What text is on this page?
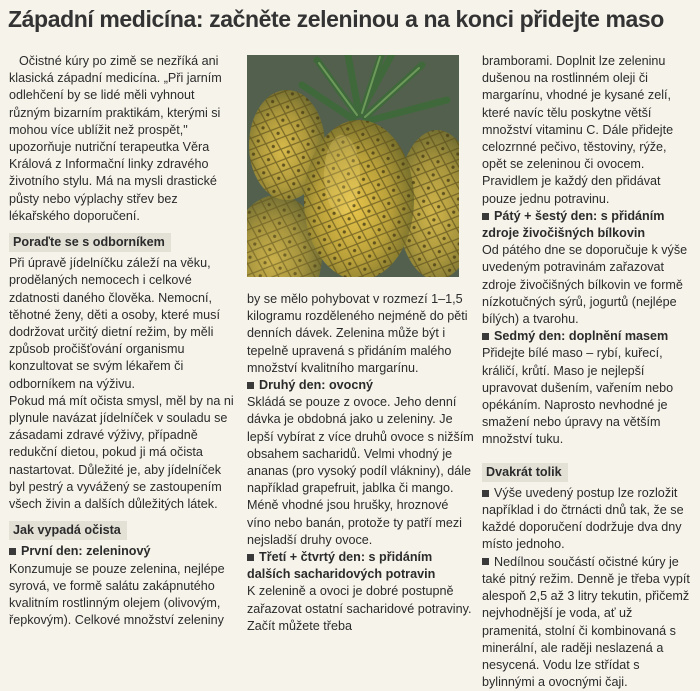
Západní medicína: začněte zeleninou a na konci přidejte maso

Očistné kúry po zimě se nezříká ani klasická západní medicína. „Při jarním odlehčení by se lidé měli vyhnout různým bizarním praktikám, kterými si mohou více ublížit než prospět," upozorňuje nutriční terapeutka Věra Králová z Informační linky zdravého životního stylu. Má na mysli drastické půsty nebo výplachy střev bez lékařského doporučení.

Poraďte se s odborníkem

Při úpravě jídelníčku záleží na věku, prodělaných nemocech i celkové zdatnosti daného člověka. Nemocní, těhotné ženy, děti a osoby, které musí dodržovat určitý dietní režim, by měli způsob pročišťování organismu konzultovat se svým lékařem či odborníkem na výživu.

Pokud má mít očista smysl, měl by na ni plynule navázat jídelníček v souladu se zásadami zdravé výživy, případně redukční dietou, pokud ji má očista nastartovat. Důležité je, aby jídelníček byl pestrý a vyvážený se zastoupením všech živin a dalších důležitých látek.

Jak vypadá očista

První den: zeleninový

Konzumuje se pouze zelenina, nejlépe syrová, ve formě salátu zakápnutého kvalitním rostlinným olejem (olivovým, řepkovým). Celkové množství zeleniny

by se mělo pohybovat v rozmezí 1–1,5 kilogramu rozděleného nejméně do pěti denních dávek. Zelenina může být i tepelně upravená s přidáním malého množství kvalitního margarínu.

Druhý den: ovocný

Skládá se pouze z ovoce. Jeho denní dávka je obdobná jako u zeleniny. Je lepší vybírat z více druhů ovoce s nižším obsahem sacharidů. Velmi vhodný je ananas (pro vysoký podíl vlákniny), dále například grapefruit, jablka či mango. Méně vhodné jsou hrušky, hroznové víno nebo banán, protože ty patří mezi nejsladší druhy ovoce.

Třetí + čtvrtý den: s přidáním dalších sacharidových potravin

K zelenině a ovoci je dobré postupně zařazovat ostatní sacharidové potraviny. Začít můžete třeba

bramborami. Doplnit lze zeleninu dušenou na rostlinném oleji či margarínu, vhodné je kysané zelí, které navíc tělu poskytne větší množství vitaminu C. Dále přidejte celozrnné pečivo, těstoviny, rýže, opět se zeleninou či ovocem. Pravidlem je každý den přidávat pouze jednu potravinu.

Pátý + šestý den: s přidáním zdroje živočišných bílkovin

Od pátého dne se doporučuje k výše uvedeným potravinám zařazovat zdroje živočišných bílkovin ve formě nízkotučných sýrů, jogurtů (nejlépe bílých) a tvarohu.

Sedmý den: doplnění masem

Přidejte bílé maso – rybí, kuřecí, králičí, krůtí. Maso je nejlepší upravovat dušením, vařením nebo opékáním. Naprosto nevhodné je smažení nebo úpravy na větším množství tuku.

Dvakrát tolik

Výše uvedený postup lze rozložit například i do čtrnácti dnů tak, že se každé doporučení dodržuje dva dny místo jednoho.

Nedílnou součástí očistné kúry je také pitný režim. Denně je třeba vypít alespoň 2,5 až 3 litry tekutin, přičemž nejvhodnější je voda, ať už pramenitá, stolní či kombinovaná s minerální, ale raději neslazená a nesycená. Vodu lze střídat s bylinnými a ovocnými čaji.
